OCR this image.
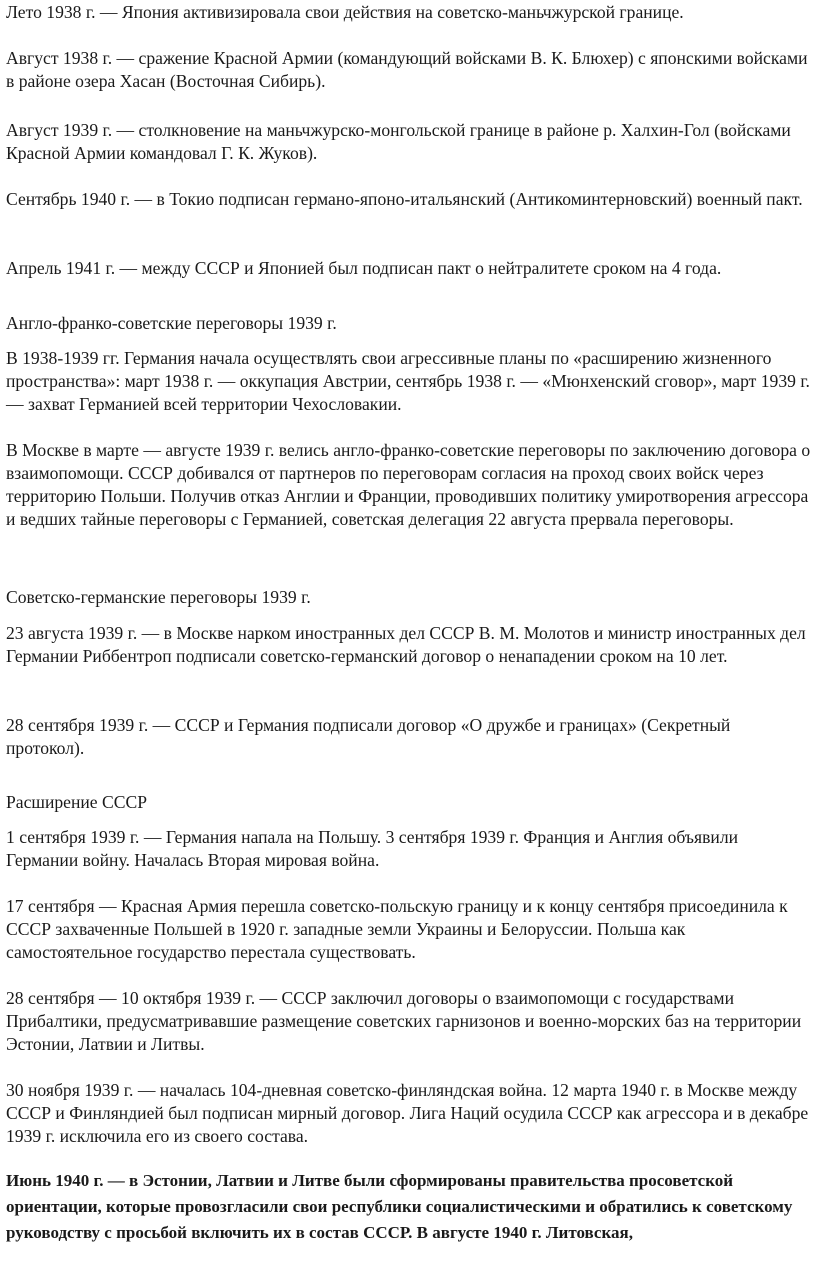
Лето 1938 г. — Япония активизировала свои действия на советско-маньчжурской границе.

Август 1938 г. — сражение Красной Армии (командующий войсками В. К. Блюхер) с японскими войсками в районе озера Хасан (Восточная Сибирь).

Август 1939 г. — столкновение на маньчжурско-монгольской границе в районе р. Халхин-Гол (войсками Красной Армии командовал Г. К. Жуков).

Сентябрь 1940 г. — в Токио подписан германо-японо-итальянский (Антикоминтерновский) военный пакт.

Апрель 1941 г. — между СССР и Японией был подписан пакт о нейтралитете сроком на 4 года.

Англо-франко-советские переговоры 1939 г.

В 1938-1939 гг. Германия начала осуществлять свои агрессивные планы по «расширению жизненного пространства»: март 1938 г. — оккупация Австрии, сентябрь 1938 г. — «Мюнхенский сговор», март 1939 г. — захват Германией всей территории Чехословакии.

В Москве в марте — августе 1939 г. велись англо-франко-советские переговоры по заключению договора о взаимопомощи. СССР добивался от партнеров по переговорам согласия на проход своих войск через территорию Польши. Получив отказ Англии и Франции, проводивших политику умиротворения агрессора и ведших тайные переговоры с Германией, советская делегация 22 августа прервала переговоры.

Советско-германские переговоры 1939 г.

23 августа 1939 г. — в Москве нарком иностранных дел СССР В. М. Молотов и министр иностранных дел Германии Риббентроп подписали советско-германский договор о ненападении сроком на 10 лет.

28 сентября 1939 г. — СССР и Германия подписали договор «О дружбе и границах» (Секретный протокол).

Расширение СССР

1 сентября 1939 г. — Германия напала на Польшу. 3 сентября 1939 г. Франция и Англия объявили Германии войну. Началась Вторая мировая война.

17 сентября — Красная Армия перешла советско-польскую границу и к концу сентября присоединила к СССР захваченные Польшей в 1920 г. западные земли Украины и Белоруссии. Польша как самостоятельное государство перестала существовать.

28 сентября — 10 октября 1939 г. — СССР заключил договоры о взаимопомощи с государствами Прибалтики, предусматривавшие размещение советских гарнизонов и военно-морских баз на территории Эстонии, Латвии и Литвы.

30 ноября 1939 г. — началась 104-дневная советско-финляндская война. 12 марта 1940 г. в Москве между СССР и Финляндией был подписан мирный договор. Лига Наций осудила СССР как агрессора и в декабре 1939 г. исключила его из своего состава.

Июнь 1940 г. — в Эстонии, Латвии и Литве были сформированы правительства просоветской ориентации, которые провозгласили свои республики социалистическими и обратились к советскому руководству с просьбой включить их в состав СССР. В августе 1940 г. Литовская,
